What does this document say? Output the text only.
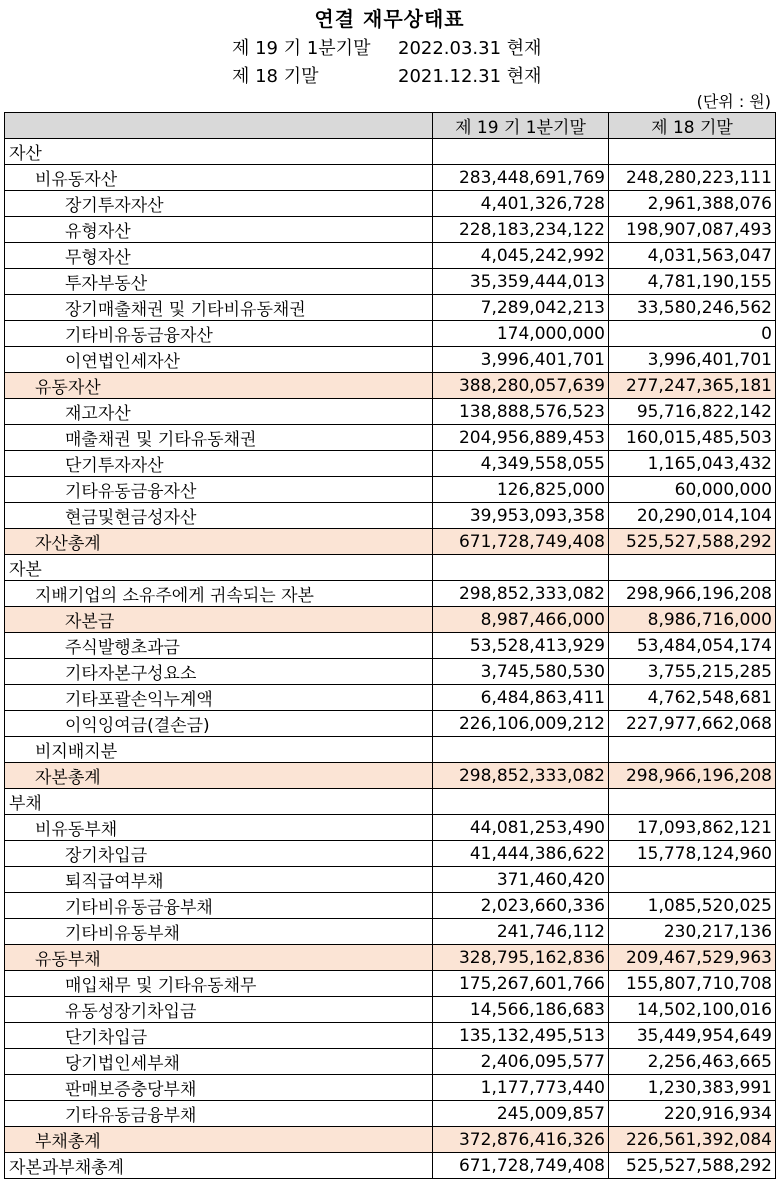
연결 재무상태표
제 19 기 1분기말 2022.03.31 현재
제 18 기말	2021.12.31 현재
(단위 : 원)
	제 19 기 1분기말	제 18 기말
자산		
비유동자산	283,448,691,769	248,280,223,111
장기투자자산	4,401,326,728	2,961,388,076
유형자산	228,183,234,122	198,907,087,493
무형자산	4,045,242,992	4,031,563,047
투자부동산	35,359,444,013	4,781,190,155
장기매출채권 및 기타비유동채권	7,289,042,213	33,580,246,562
기타비유동금융자산	174,000,000	0
이연법인세자산	3,996,401,701	3,996,401,701
유동자산	388,280,057,639	277,247,365,181
재고자산	138,888,576,523	95,716,822,142
매출채권 및 기타유동채권	204,956,889,453	160,015,485,503
단기투자자산	4,349,558,055	1,165,043,432
기타유동금융자산	126,825,000	60,000,000
현금및현금성자산	39,953,093,358	20,290,014,104
자산총계	671,728,749,408	525,527,588,292
자본		
지배기업의 소유주에게 귀속되는 자본	298,852,333,082	298,966,196,208
자본금	8,987,466,000	8,986,716,000
주식발행초과금	53,528,413,929	53,484,054,174
기타자본구성요소	3,745,580,530	3,755,215,285
기타포괄손익누계액	6,484,863,411	4,762,548,681
이익잉여금(결손금)	226,106,009,212	227,977,662,068
비지배지분		
자본총계	298,852,333,082	298,966,196,208
부채		
비유동부채	44,081,253,490	17,093,862,121
장기차입금	41,444,386,622	15,778,124,960
퇴직급여부채	371,460,420	
기타비유동금융부채	2,023,660,336	1,085,520,025
기타비유동부채	241,746,112	230,217,136
유동부채	328,795,162,836	209,467,529,963
매입채무 및 기타유동채무	175,267,601,766	155,807,710,708
유동성장기차입금	14,566,186,683	14,502,100,016
단기차입금	135,132,495,513	35,449,954,649
당기법인세부채	2,406,095,577	2,256,463,665
판매보증충당부채	1,177,773,440	1,230,383,991
기타유동금융부채	245,009,857	220,916,934
부채총계	372,876,416,326	226,561,392,084
자본과부채총계	671,728,749,408	525,527,588,292
